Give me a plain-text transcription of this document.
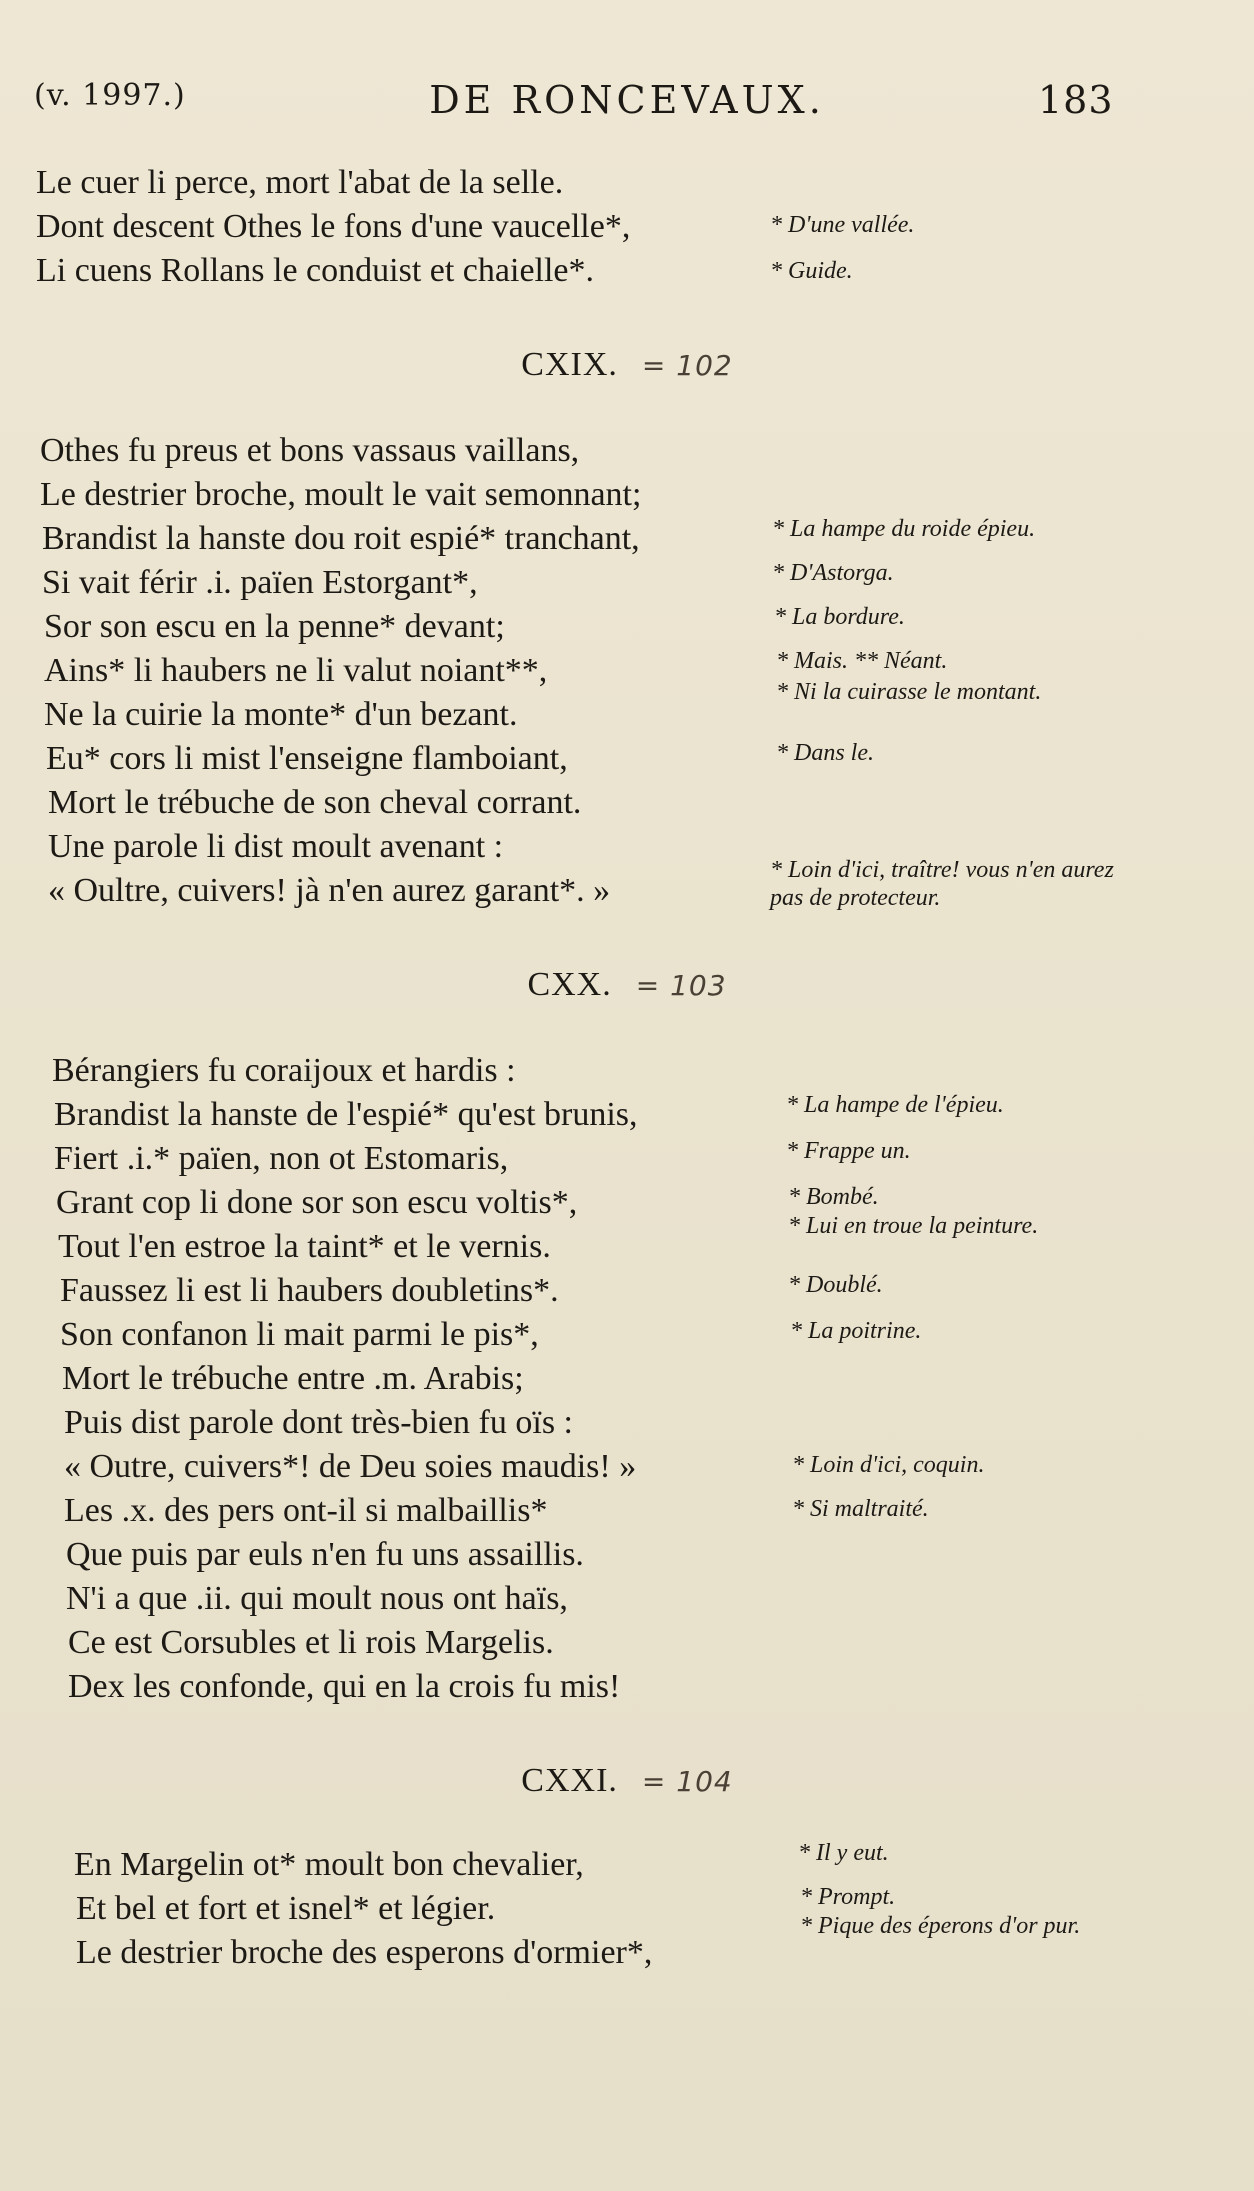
(v. 1997.)	DE RONCEVAUX.	183
Le cuer li perce, mort l'abat de la selle.
Dont descent Othes le fons d'une vaucelle*,
Li cuens Rollans le conduist et chaielle*.
CXIX. = 102
Othes fu preus et bons vassaus vaillans,
Le destrier broche, moult le vait semonnant;
Brandist la hanste dou roit espié* tranchant,
Si vait férir .i. païen Estorgant*,
Sor son escu en la penne* devant;
Ains* li haubers ne li valut noiant**,
Ne la cuirie la monte* d'un bezant.
Eu* cors li mist l'enseigne flamboiant,
Mort le trébuche de son cheval corrant.
Une parole li dist moult avenant :
« Oultre, cuivers! jà n'en aurez garant*. »
CXX. = 103
Bérangiers fu coraijoux et hardis :
Brandist la hanste de l'espié* qu'est brunis,
Fiert .i.* païen, non ot Estomaris,
Grant cop li done sor son escu voltis*,
Tout l'en estroe la taint* et le vernis.
Faussez li est li haubers doubletins*.
Son confanon li mait parmi le pis*,
Mort le trébuche entre .m. Arabis;
Puis dist parole dont très-bien fu oïs :
« Outre, cuivers*! de Deu soies maudis! »
Les .x. des pers ont-il si malbaillis*
Que puis par euls n'en fu uns assaillis.
N'i a que .ii. qui moult nous ont haïs,
Ce est Corsubles et li rois Margelis.
Dex les confonde, qui en la crois fu mis!
CXXI. = 104
En Margelin ot* moult bon chevalier,
Et bel et fort et isnel* et légier.
Le destrier broche des esperons d'ormier*,
* D'une vallée.
* Guide.
* La hampe du roide épieu.
* D'Astorga.
* La bordure.
* Mais. ** Néant.
* Ni la cuirasse le montant.
* Dans le.
* Loin d'ici, traître! vous n'en aurez pas de protecteur.
* La hampe de l'épieu.
* Frappe un.
* Bombé.
* Lui en troue la peinture.
* Doublé.
* La poitrine.
* Loin d'ici, coquin.
* Si maltraité.
* Il y eut.
* Prompt.
* Pique des éperons d'or pur.
